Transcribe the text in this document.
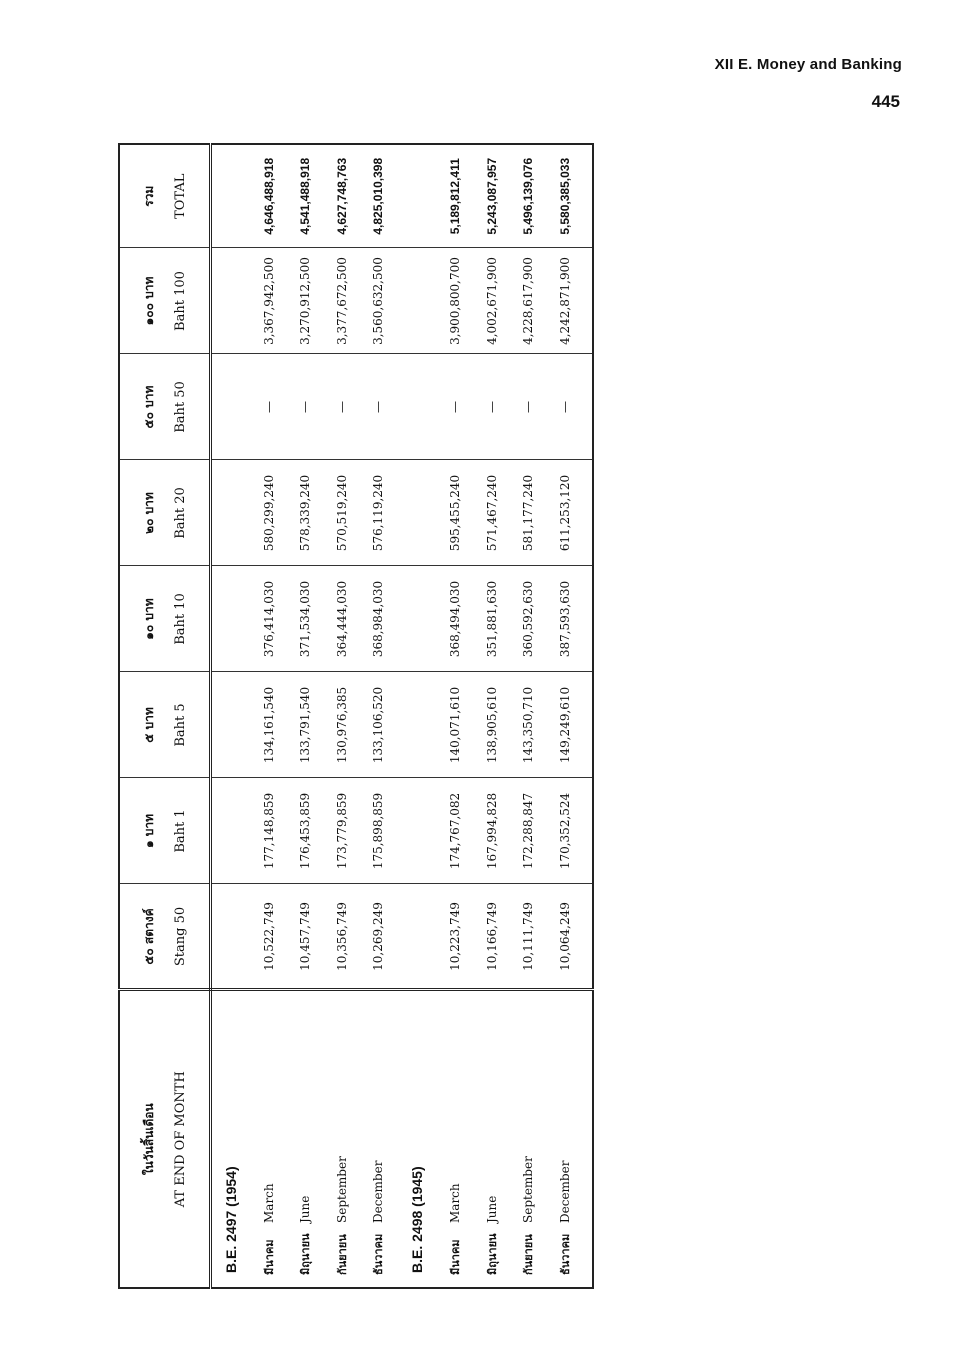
XII E. Money and Banking
445
ในวันสิ้นเดือน AT END OF MONTH	๕๐ สตางค์ Stang 50	๑ บาท Baht 1	๕ บาท Baht 5	๑๐ บาท Baht 10	๒๐ บาท Baht 20	๕๐ บาท Baht 50	๑๐๐ บาท Baht 100	รวม TOTAL

B.E. 2497 (1954)								
มีนาคมMarch	10,522,749	177,148,859	134,161,540	376,414,030	580,299,240	—	3,367,942,500	4,646,488,918
มิถุนายนJune	10,457,749	176,453,859	133,791,540	371,534,030	578,339,240	—	3,270,912,500	4,541,488,918
กันยายนSeptember	10,356,749	173,779,859	130,976,385	364,444,030	570,519,240	—	3,377,672,500	4,627,748,763
ธันวาคมDecember	10,269,249	175,898,859	133,106,520	368,984,030	576,119,240	—	3,560,632,500	4,825,010,398
B.E. 2498 (1945)								
มีนาคมMarch	10,223,749	174,767,082	140,071,610	368,494,030	595,455,240	—	3,900,800,700	5,189,812,411
มิถุนายนJune	10,166,749	167,994,828	138,905,610	351,881,630	571,467,240	—	4,002,671,900	5,243,087,957
กันยายนSeptember	10,111,749	172,288,847	143,350,710	360,592,630	581,177,240	—	4,228,617,900	5,496,139,076
ธันวาคมDecember	10,064,249	170,352,524	149,249,610	387,593,630	611,253,120	—	4,242,871,900	5,580,385,033
